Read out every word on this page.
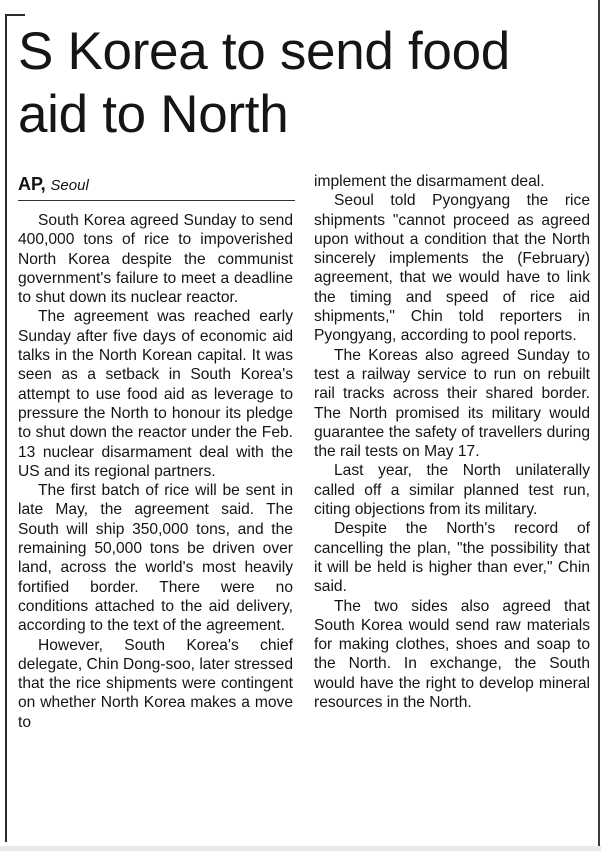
S Korea to send food aid to North
AP, Seoul

South Korea agreed Sunday to send 400,000 tons of rice to impoverished North Korea despite the communist government's failure to meet a deadline to shut down its nuclear reactor.

The agreement was reached early Sunday after five days of economic aid talks in the North Korean capital. It was seen as a setback in South Korea's attempt to use food aid as leverage to pressure the North to honour its pledge to shut down the reactor under the Feb. 13 nuclear disarmament deal with the US and its regional partners.

The first batch of rice will be sent in late May, the agreement said. The South will ship 350,000 tons, and the remaining 50,000 tons be driven over land, across the world's most heavily fortified border. There were no conditions attached to the aid delivery, according to the text of the agreement.

However, South Korea's chief delegate, Chin Dong-soo, later stressed that the rice shipments were contingent on whether North Korea makes a move to

implement the disarmament deal.

Seoul told Pyongyang the rice shipments "cannot proceed as agreed upon without a condition that the North sincerely implements the (February) agreement, that we would have to link the timing and speed of rice aid shipments," Chin told reporters in Pyongyang, according to pool reports.

The Koreas also agreed Sunday to test a railway service to run on rebuilt rail tracks across their shared border. The North promised its military would guarantee the safety of travellers during the rail tests on May 17.

Last year, the North unilaterally called off a similar planned test run, citing objections from its military.

Despite the North's record of cancelling the plan, "the possibility that it will be held is higher than ever," Chin said.

The two sides also agreed that South Korea would send raw materials for making clothes, shoes and soap to the North. In exchange, the South would have the right to develop mineral resources in the North.
